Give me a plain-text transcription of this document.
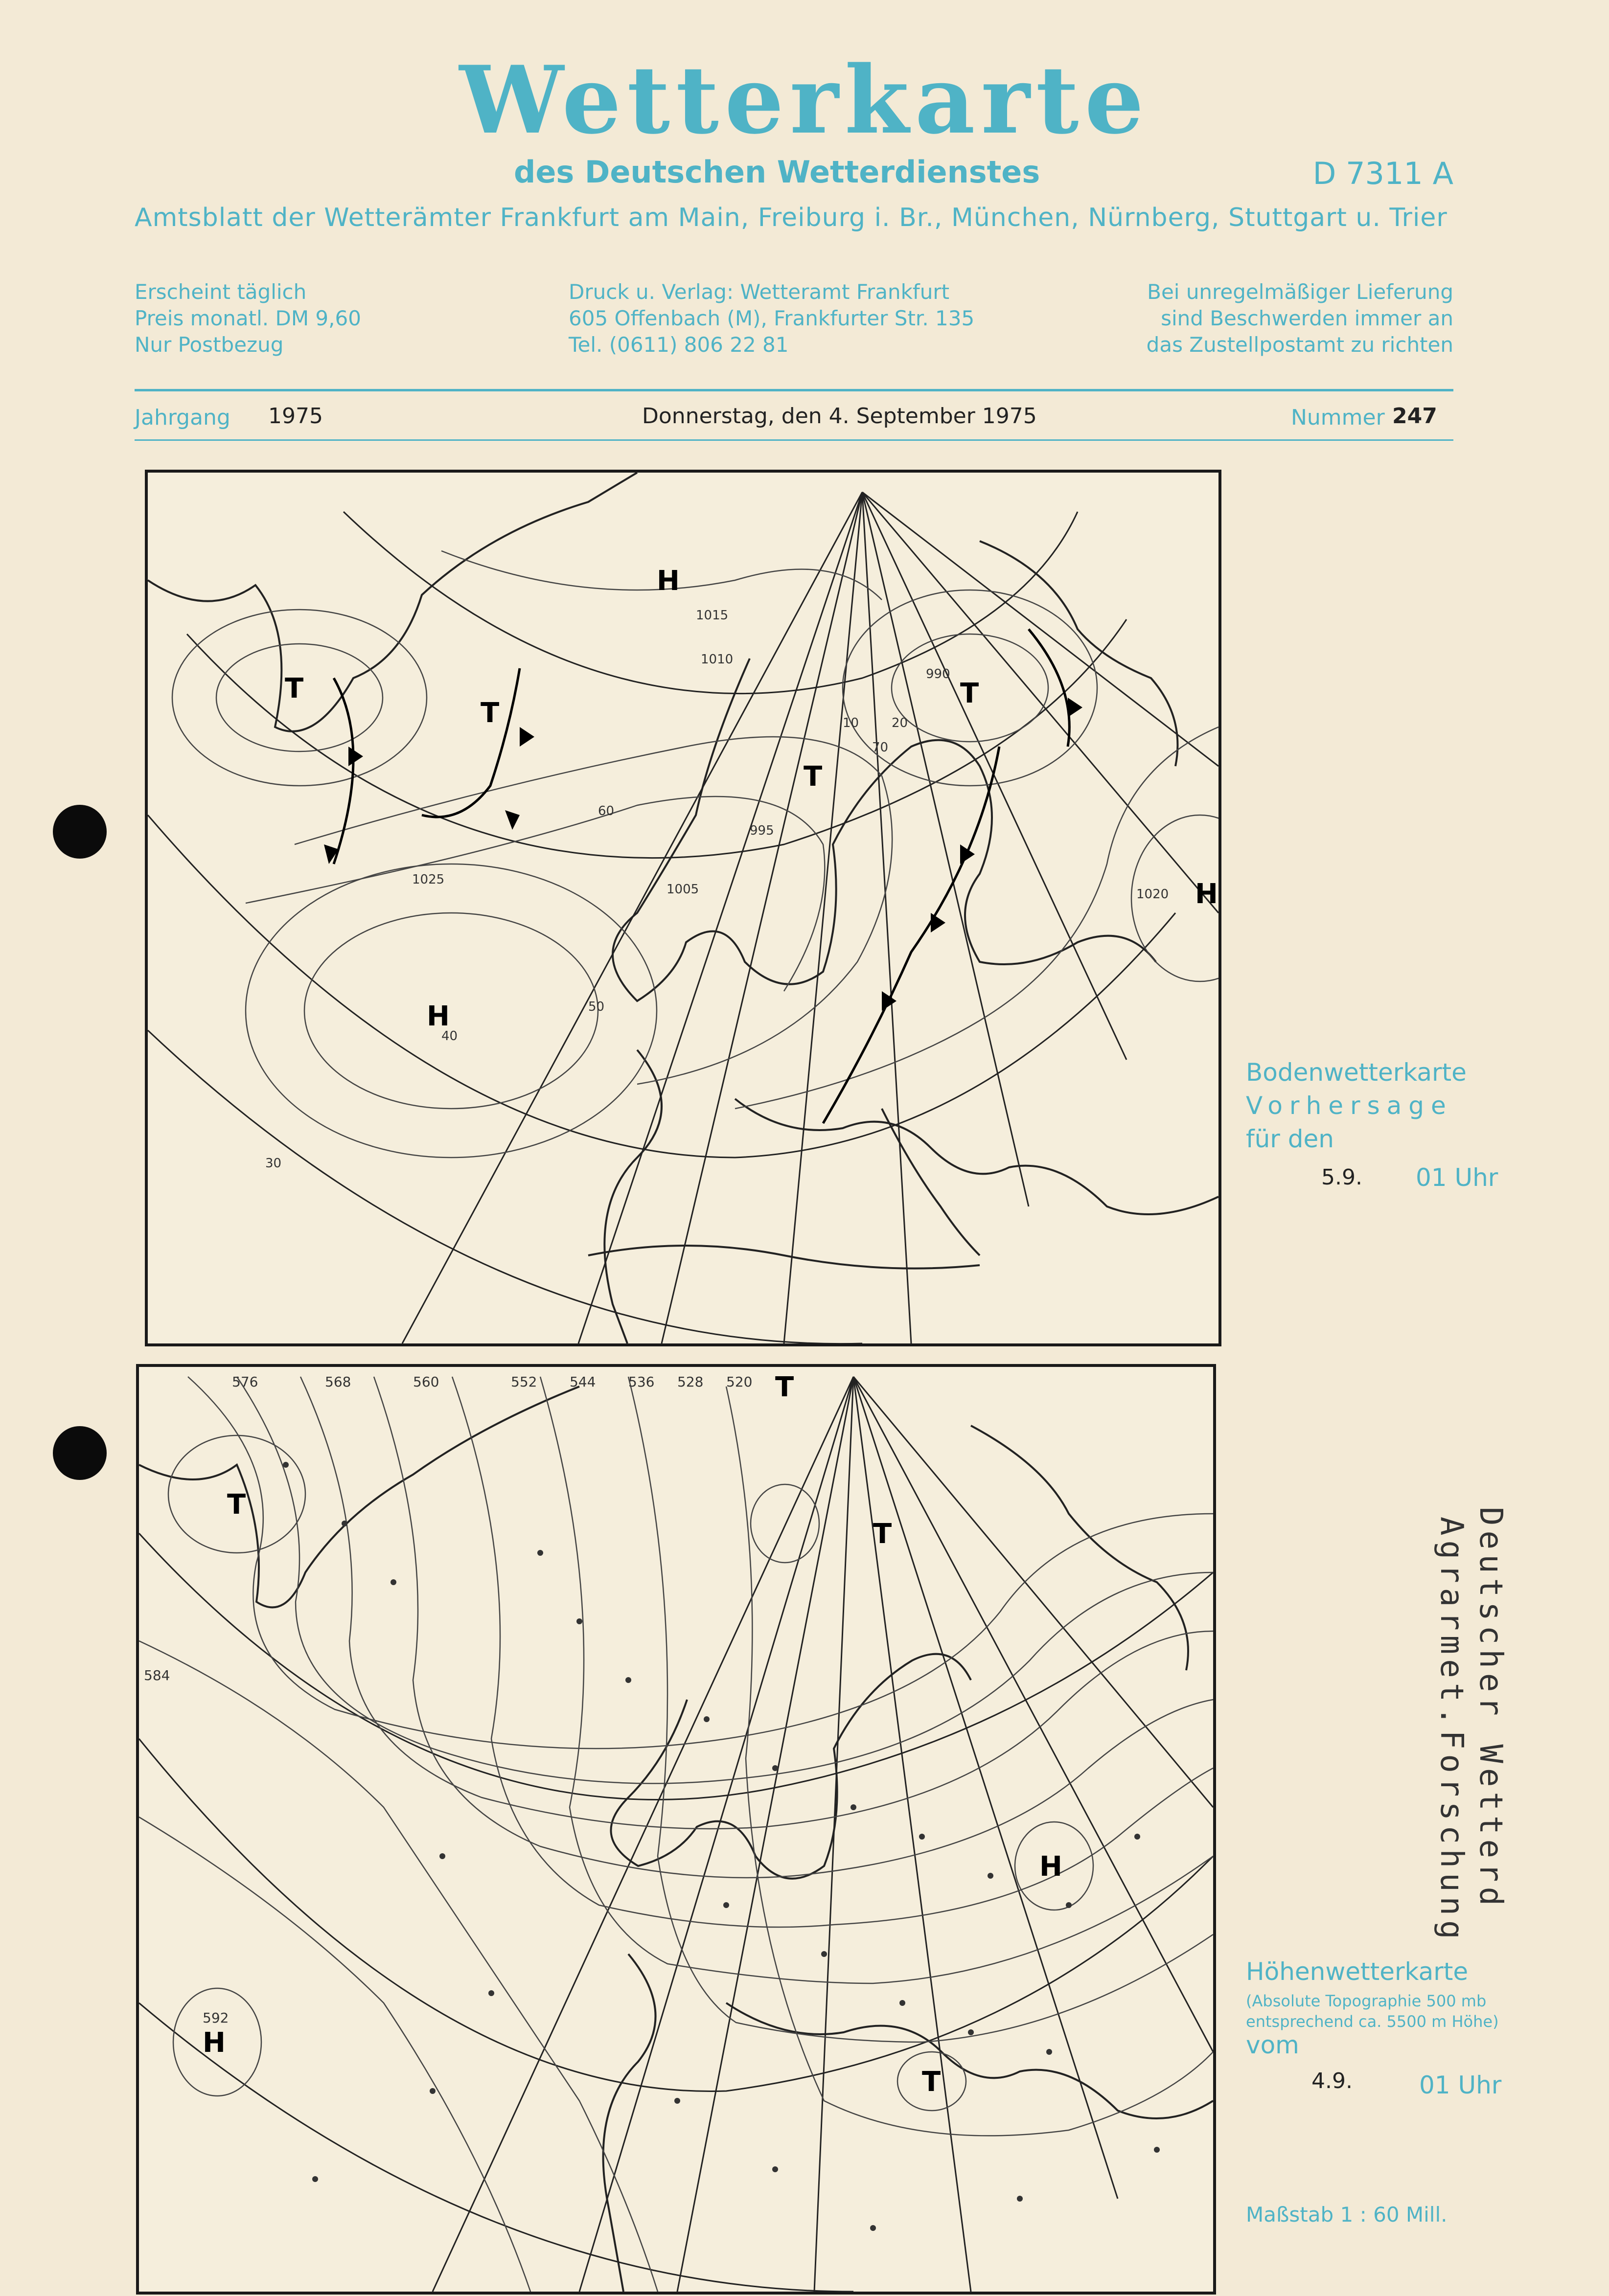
Wetterkarte
des Deutschen Wetterdienstes	D 7311 A
Amtsblatt der Wetterämter Frankfurt am Main, Freiburg i. Br., München, Nürnberg, Stuttgart u. Trier
Erscheint täglich
Preis monatl. DM 9,60
Nur Postbezug
Druck u. Verlag: Wetteramt Frankfurt
605 Offenbach (M), Frankfurter Str. 135
Tel. (0611) 806 22 81
Bei unregelmäßiger Lieferung
sind Beschwerden immer an
das Zustellpostamt zu richten
Jahrgang 1975	Donnerstag, den 4. September 1975	Nummer 247
H
H
H
T
T
T
T
1015
1010
1020
1025
995
990
1005
30
40
50
60
70
10	20
Bodenwetterkarte
Vorhersage
für den
5.9. 01 Uhr
H
H
T
T
T
T
576	568	560	552 544 536 528 520
584
592
Höhenwetterkarte
(Absolute Topographie 500 mb
entsprechend ca. 5500 m Höhe)
vom
4.9.	01 Uhr
Maßstab 1 : 60 Mill.
Deutscher Wetterd
Agrarmet.Forschung
